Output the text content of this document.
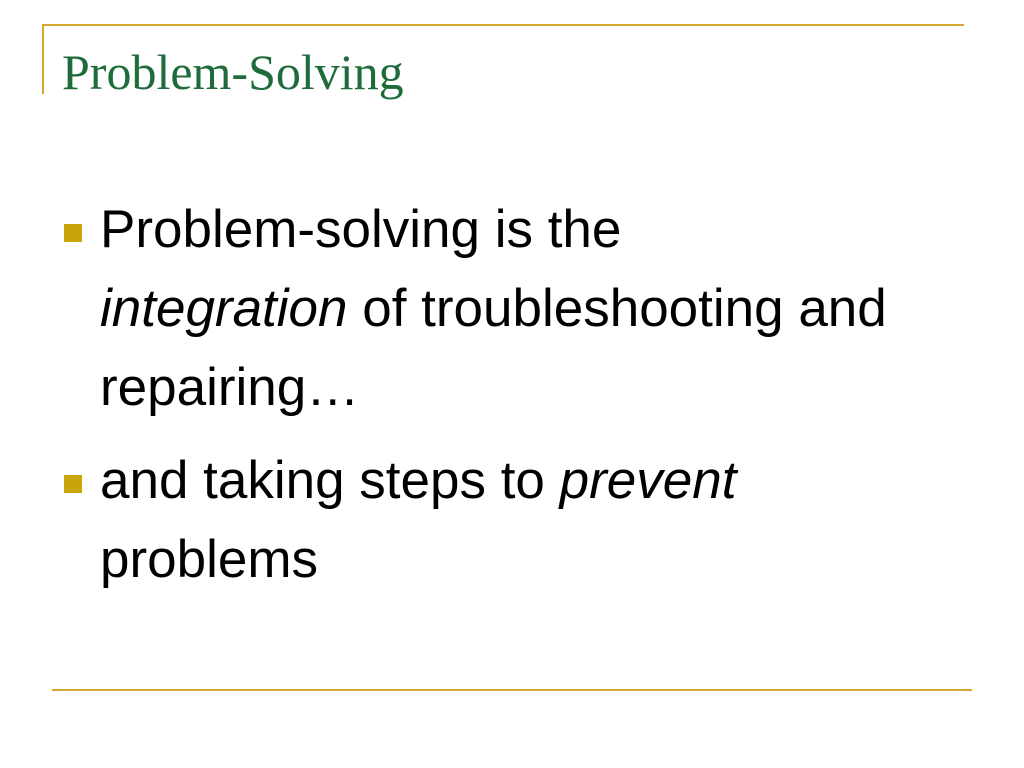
Problem-Solving
Problem-solving is the
integration of troubleshooting and repairing…
and taking steps to prevent
problems
